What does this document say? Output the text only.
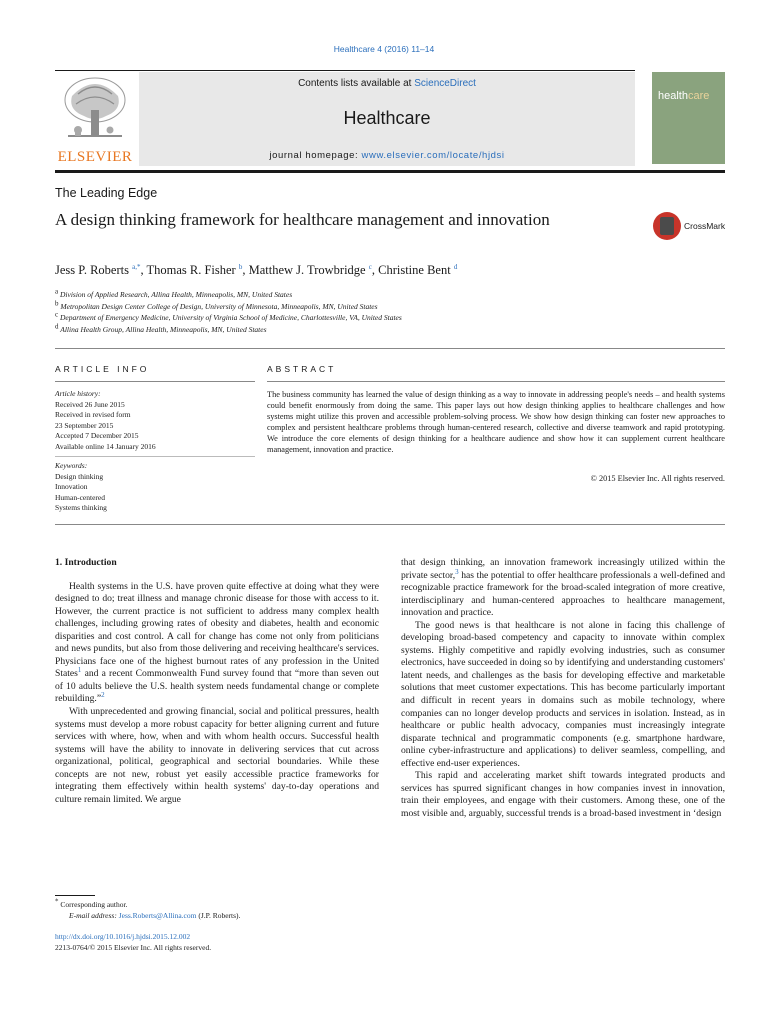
Healthcare 4 (2016) 11–14
ELSEVIER
Contents lists available at ScienceDirect
Healthcare
journal homepage: www.elsevier.com/locate/hjdsi
healthcare
The Leading Edge
A design thinking framework for healthcare management and innovation	CrossMark
Jess P. Roberts $^{a,*}$, Thomas R. Fisher $^b$, Matthew J. Trowbridge $^c$, Christine Bent $^d$
$^a$ Division of Applied Research, Allina Health, Minneapolis, MN, United States
$^b$ Metropolitan Design Center College of Design, University of Minnesota, Minneapolis, MN, United States
$^c$ Department of Emergency Medicine, University of Virginia School of Medicine, Charlottesville, VA, United States
$^d$ Allina Health Group, Allina Health, Minneapolis, MN, United States
ARTICLE INFO	ABSTRACT
Article history:
Received 26 June 2015
Received in revised form
23 September 2015
Accepted 7 December 2015
Available online 14 January 2016
Keywords:
Design thinking
Innovation
Human-centered
Systems thinking
The business community has learned the value of design thinking as a way to innovate in addressing people's needs – and health systems could benefit enormously from doing the same. This paper lays out how design thinking applies to healthcare challenges and how systems might utilize this proven and accessible problem-solving process. We show how design thinking can foster new approaches to complex and persistent healthcare problems through human-centered research, collective and diverse teamwork and rapid prototyping. We introduce the core elements of design thinking for a healthcare audience and show how it can supplement current healthcare management, innovation and practice.
© 2015 Elsevier Inc. All rights reserved.
1. Introduction

Health systems in the U.S. have proven quite effective at doing what they were designed to do; treat illness and manage chronic disease for those with access to it. However, the current practice is not sufficient to address many complex health challenges, including growing rates of obesity and diabetes, health and economic disparities and cost control. A call for change has come not only from politicians and news pundits, but also from those delivering and receiving healthcare's services. Physicians face one of the highest burnout rates of any profession in the United States$^1$ and a recent Commonwealth Fund survey found that “more than seven out of 10 adults believe the U.S. health system needs fundamental change or complete rebuilding.”$^2$

With unprecedented and growing financial, social and political pressures, health systems must develop a more robust capacity for better aligning current and future services with where, how, when and with whom health occurs. Successful health systems will have the ability to innovate in delivering services that cut across organizational, political, geographical and sectorial boundaries. While these concepts are not new, robust yet easily accessible practice frameworks for integrating them effectively within health systems' day-to-day operations and culture remain limited. We argue

that design thinking, an innovation framework increasingly utilized within the private sector,$^3$ has the potential to offer healthcare professionals a well-defined and recognizable practice framework for the broad-scaled integration of more creative, interdisciplinary and human-centered approaches to healthcare management, innovation and practice.

The good news is that healthcare is not alone in facing this challenge of developing broad-based competency and capacity to innovate within complex systems. Highly competitive and rapidly evolving industries, such as consumer electronics, have succeeded in doing so by identifying and understanding customers' latent needs, and challenges as the basis for developing effective and marketable solutions that meet customer expectations. This has become particularly important and difficult in recent years in domains such as mobile technology, where companies can no longer develop products and services in isolation. Instead, as in healthcare or public health advocacy, companies must increasingly integrate disparate technical and programmatic components (e.g. smartphone hardware, online cyber-infrastructure and applications) to deliver seamless, compelling, and effective end-user experiences.

This rapid and accelerating market shift towards integrated products and services has spurred significant changes in how companies invest in innovation, train their employees, and engage with their customers. Among these, one of the most visible and, arguably, successful trends is a broad-based investment in ‘design

* Corresponding author.
E-mail address: Jess.Roberts@Allina.com (J.P. Roberts).
http://dx.doi.org/10.1016/j.hjdsi.2015.12.002
2213-0764/© 2015 Elsevier Inc. All rights reserved.
